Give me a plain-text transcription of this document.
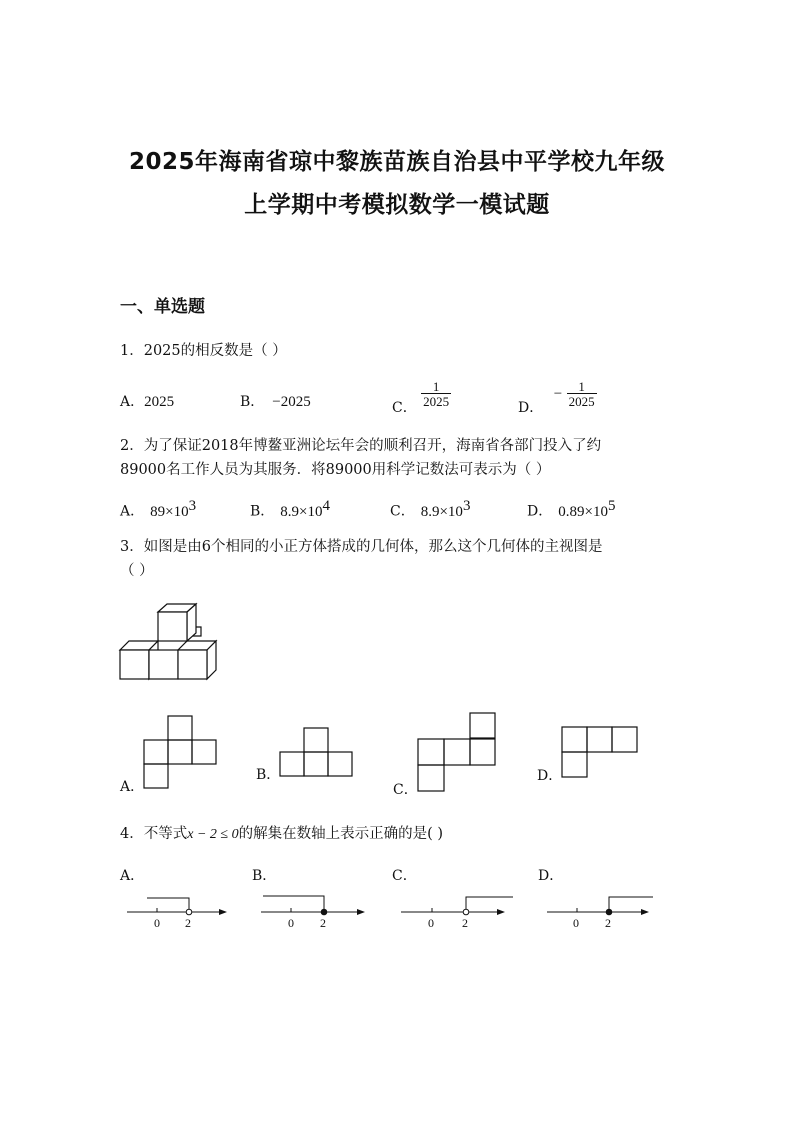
2025年海南省琼中黎族苗族自治县中平学校九年级
上学期中考模拟数学一模试题
一、单选题
1．2025的相反数是（ ）
A．2025	B． −2025	C． $\frac{1}{2025}$	D． − $\frac{1}{2025}$
2．为了保证2018年博鳌亚洲论坛年会的顺利召开，海南省各部门投入了约
89000名工作人员为其服务．将89000用科学记数法可表示为（ ）
A． $89\times 10^3$	B． $8.9\times 10^4$	C． $8.9\times 10^3$	D． $0.89\times 10^5$
3．如图是由6个相同的小正方体搭成的几何体，那么这个几何体的主视图是
（ ）
A．
B．
C．
D．
4．不等式x − 2 ≤ 0的解集在数轴上表示正确的是( )
A．	B．	C．	D．
0 2	0 2	0 2	0 2
